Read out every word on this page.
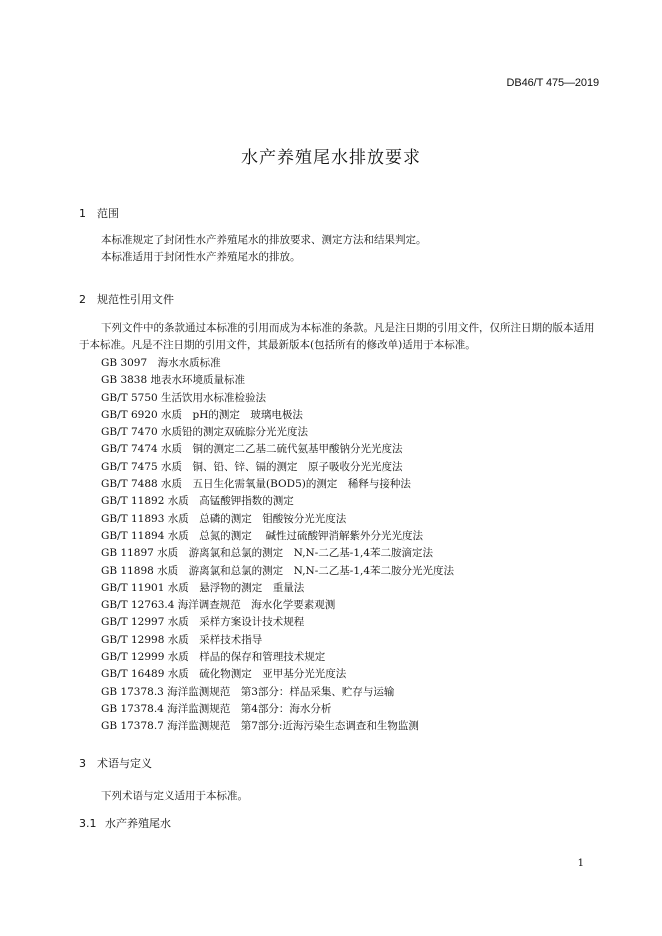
DB46/T 475—2019
水产养殖尾水排放要求
1 范围
本标准规定了封闭性水产养殖尾水的排放要求、测定方法和结果判定。
本标准适用于封闭性水产养殖尾水的排放。
2 规范性引用文件
下列文件中的条款通过本标准的引用而成为本标准的条款。凡是注日期的引用文件，仅所注日期的版本适用于本标准。凡是不注日期的引用文件，其最新版本(包括所有的修改单)适用于本标准。
GB 3097　海水水质标准
GB 3838 地表水环境质量标准
GB/T 5750 生活饮用水标准检验法
GB/T 6920 水质　pH的测定　玻璃电极法
GB/T 7470 水质铅的测定双硫腙分光光度法
GB/T 7474 水质　铜的测定二乙基二硫代氨基甲酸钠分光光度法
GB/T 7475 水质　铜、铅、锌、镉的测定　原子吸收分光光度法
GB/T 7488 水质　五日生化需氧量(BOD5)的测定　稀释与接种法
GB/T 11892 水质　高锰酸钾指数的测定
GB/T 11893 水质　总磷的测定　钼酸铵分光光度法
GB/T 11894 水质　总氮的测定　 碱性过硫酸钾消解紫外分光光度法
GB 11897 水质　游离氯和总氯的测定　N,N-二乙基-1,4苯二胺滴定法
GB 11898 水质　游离氯和总氯的测定　N,N-二乙基-1,4苯二胺分光光度法
GB/T 11901 水质　悬浮物的测定　重量法
GB/T 12763.4 海洋调查规范　海水化学要素观测
GB/T 12997 水质　采样方案设计技术规程
GB/T 12998 水质　采样技术指导
GB/T 12999 水质　样品的保存和管理技术规定
GB/T 16489 水质　硫化物测定　亚甲基分光光度法
GB 17378.3 海洋监测规范　第3部分：样品采集、贮存与运输
GB 17378.4 海洋监测规范　第4部分：海水分析
GB 17378.7 海洋监测规范　第7部分:近海污染生态调查和生物监测
3 术语与定义
下列术语与定义适用于本标准。
3.1 水产养殖尾水
1
